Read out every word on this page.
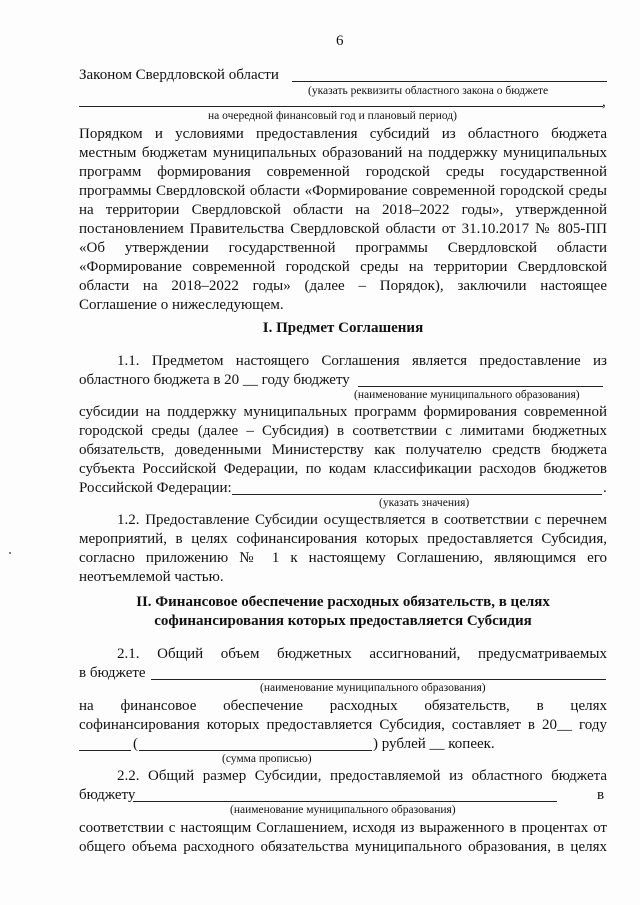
6
Законом Свердловской области
(указать реквизиты областного закона о бюджете
,
на очередной финансовый год и плановый период)
Порядком и условиями предоставления субсидий из областного бюджета
местным бюджетам муниципальных образований на поддержку муниципальных
программ формирования современной городской среды государственной
программы Свердловской области «Формирование современной городской среды
на территории Свердловской области на 2018–2022 годы», утвержденной
постановлением Правительства Свердловской области от 31.10.2017 № 805-ПП
«Об утверждении государственной программы Свердловской области
«Формирование современной городской среды на территории Свердловской
области на 2018–2022 годы» (далее – Порядок), заключили настоящее
Соглашение о нижеследующем.
I. Предмет Соглашения
1.1. Предметом настоящего Соглашения является предоставление из
областного бюджета в 20 __ году бюджету
(наименование муниципального образования)
субсидии на поддержку муниципальных программ формирования современной
городской среды (далее – Субсидия) в соответствии с лимитами бюджетных
обязательств, доведенными Министерству как получателю средств бюджета
субъекта Российской Федерации, по кодам классификации расходов бюджетов
Российской Федерации:	.
(указать значения)
1.2. Предоставление Субсидии осуществляется в соответствии с перечнем
мероприятий, в целях софинансирования которых предоставляется Субсидия,
согласно приложению № 1 к настоящему Соглашению, являющимся его
неотъемлемой частью.
II. Финансовое обеспечение расходных обязательств, в целях
софинансирования которых предоставляется Субсидия
2.1. Общий объем бюджетных ассигнований, предусматриваемых
в бюджете
(наименование муниципального образования)
на финансовое обеспечение расходных обязательств, в целях
софинансирования которых предоставляется Субсидия, составляет в 20__ году
(	) рублей __ копеек.
(сумма прописью)
2.2. Общий размер Субсидии, предоставляемой из областного бюджета
бюджету	в
(наименование муниципального образования)
соответствии с настоящим Соглашением, исходя из выраженного в процентах от
общего объема расходного обязательства муниципального образования, в целях
